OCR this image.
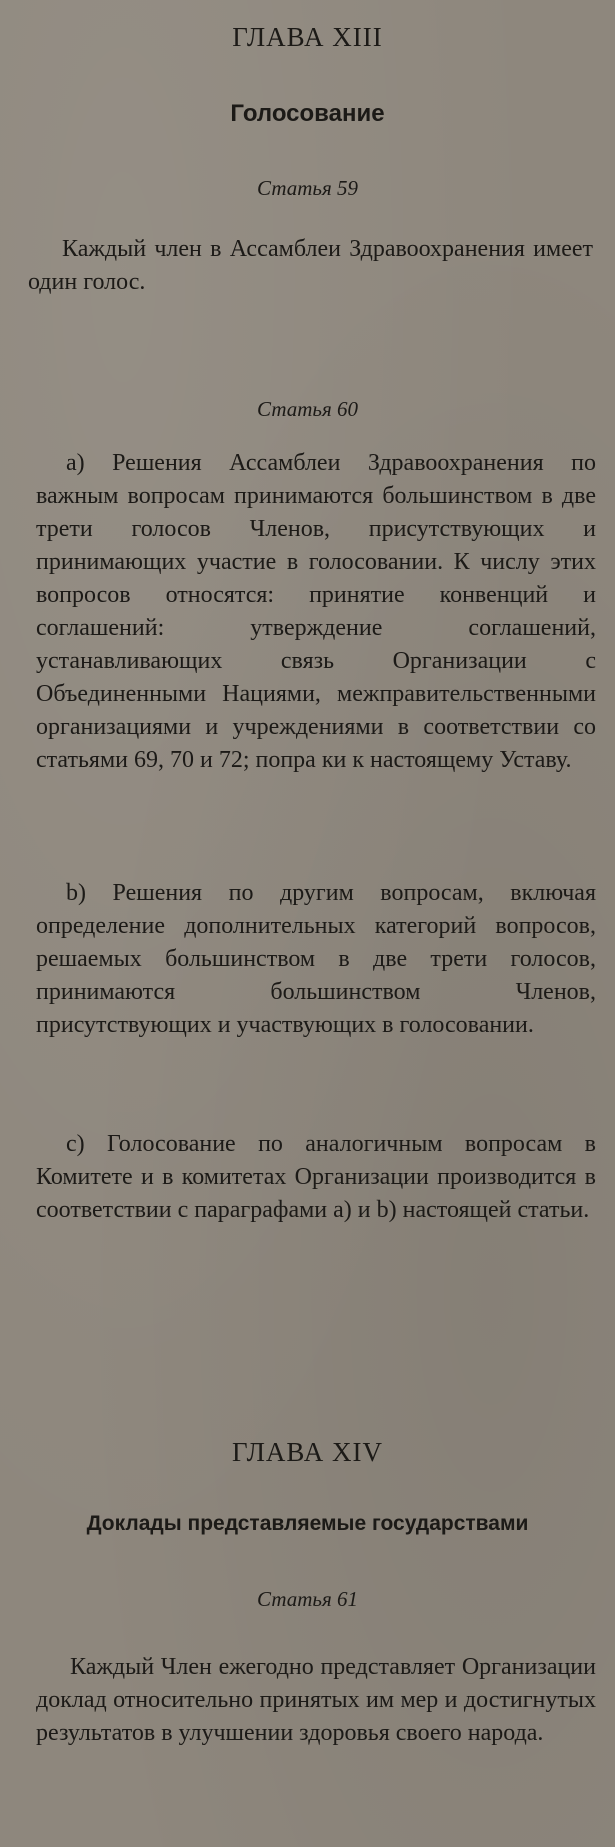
ГЛАВА XIII
Голосование
Статья 59

Каждый член в Ассамблеи Здравоохранения имеет один голос.

Статья 60

а) Решения Ассамблеи Здравоохранения по важным вопросам принимаются большинством в две трети голосов Членов, присутствующих и принимающих участие в голосовании. К числу этих вопросов относятся: принятие конвенций и соглашений: утверждение соглашений, устанавливающих связь Организации с Объединенными Нациями, межправительственными организациями и учреждениями в соответствии со статьями 69, 70 и 72; попра ки к настоящему Уставу.

b) Решения по другим вопросам, включая определение дополнительных категорий вопросов, решаемых большинством в две трети голосов, принимаются большинством Членов, присутствующих и участвующих в голосовании.

с) Голосование по аналогичным вопросам в Комитете и в комитетах Организации производится в соответствии с параграфами а) и b) настоящей статьи.

ГЛАВА XIV
Доклады представляемые государствами
Статья 61

Каждый Член ежегодно представляет Организации доклад относительно принятых им мер и достигнутых результатов в улучшении здоровья своего народа.
